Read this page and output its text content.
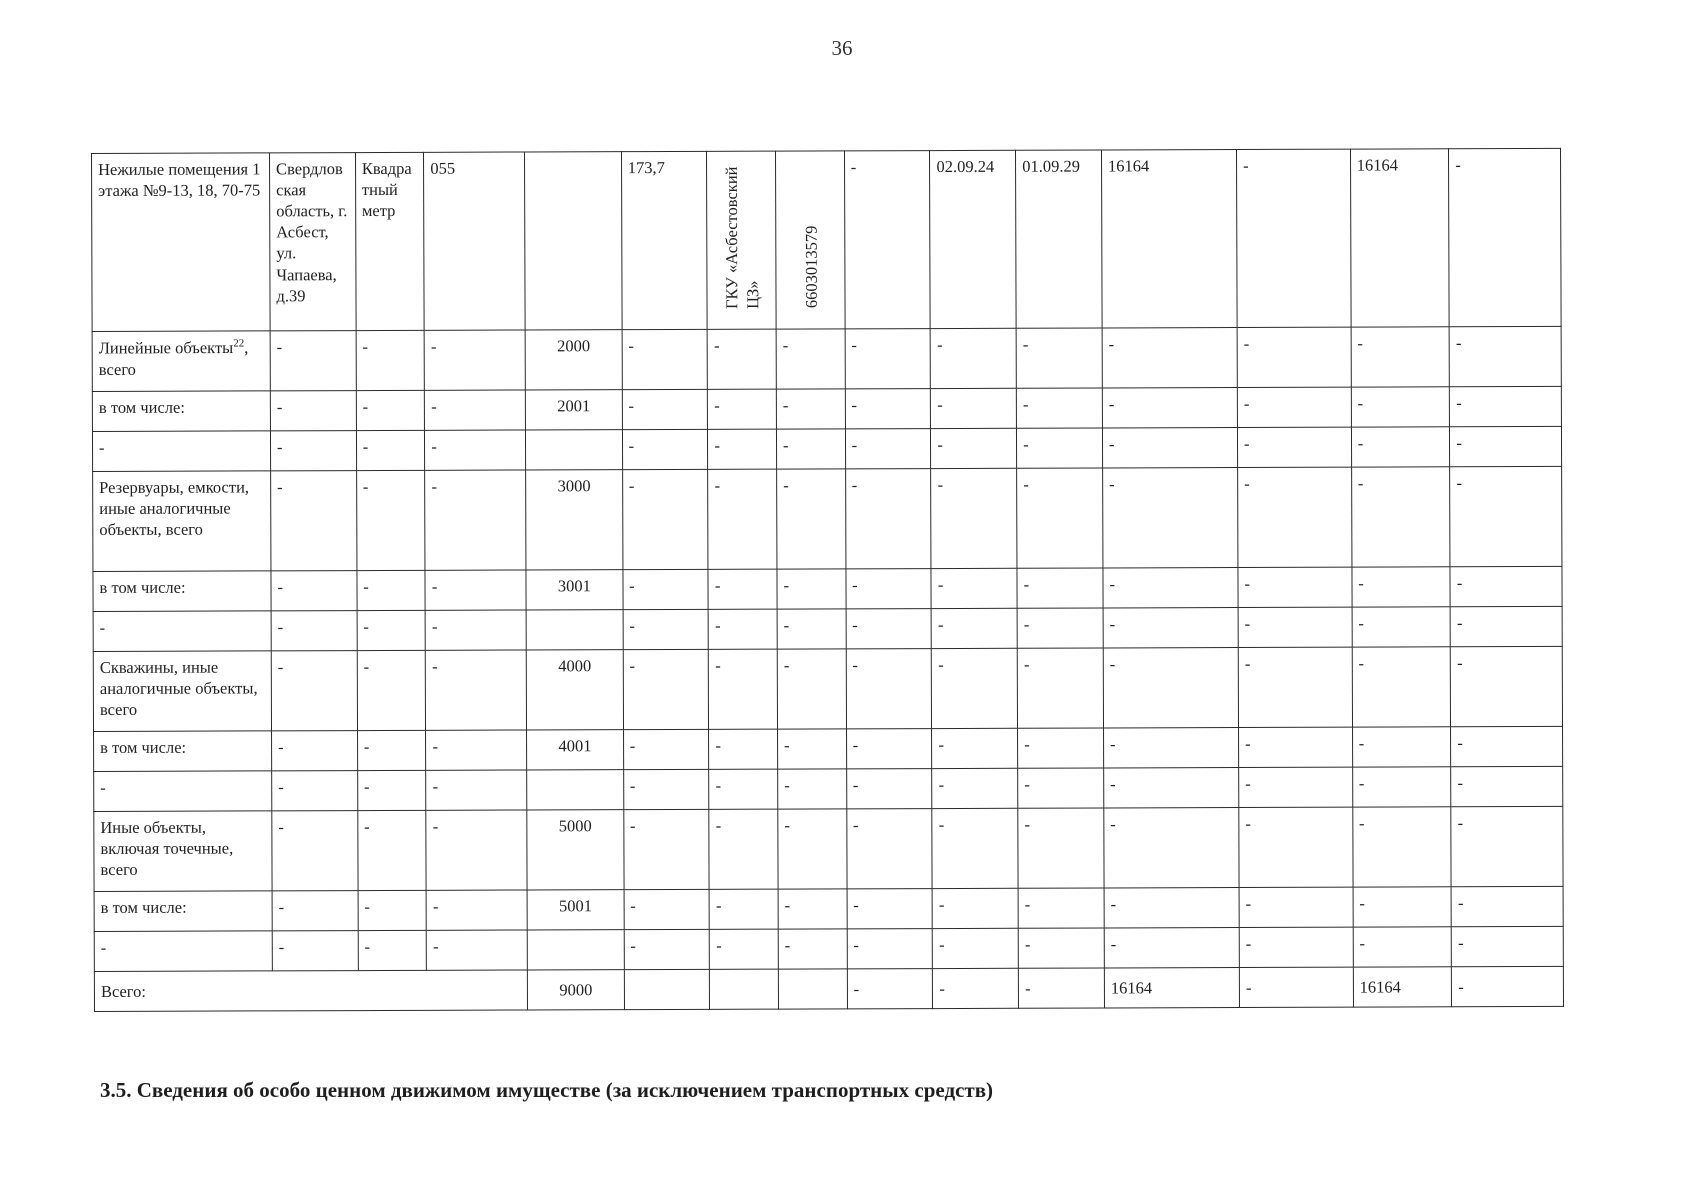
36
Нежилые помещения 1 этажа №9-13, 18, 70-75	Свердловская область, г. Асбест, ул. Чапаева, д.39	Квадратный метр	055		173,7	ГКУ «Асбестовский ЦЗ»	6603013579	-	02.09.24	01.09.29	16164	-	16164	-
Линейные объекты$^{22}$, всего	-	-	-	2000	-	-	-	-	-	-	-	-	-	-
в том числе:	-	-	-	2001	-	-	-	-	-	-	-	-	-	-
-	-	-	-		-	-	-	-	-	-	-	-	-	-
Резервуары, емкости, иные аналогичные объекты, всего	-	-	-	3000	-	-	-	-	-	-	-	-	-	-
в том числе:	-	-	-	3001	-	-	-	-	-	-	-	-	-	-
-	-	-	-		-	-	-	-	-	-	-	-	-	-
Скважины, иные аналогичные объекты, всего	-	-	-	4000	-	-	-	-	-	-	-	-	-	-
в том числе:	-	-	-	4001	-	-	-	-	-	-	-	-	-	-
-	-	-	-		-	-	-	-	-	-	-	-	-	-
Иные объекты, включая точечные, всего	-	-	-	5000	-	-	-	-	-	-	-	-	-	-
в том числе:	-	-	-	5001	-	-	-	-	-	-	-	-	-	-
-	-	-	-		-	-	-	-	-	-	-	-	-	-
Всего:				9000				-	-	-	16164	-	16164	-
3.5. Сведения об особо ценном движимом имуществе (за исключением транспортных средств)
